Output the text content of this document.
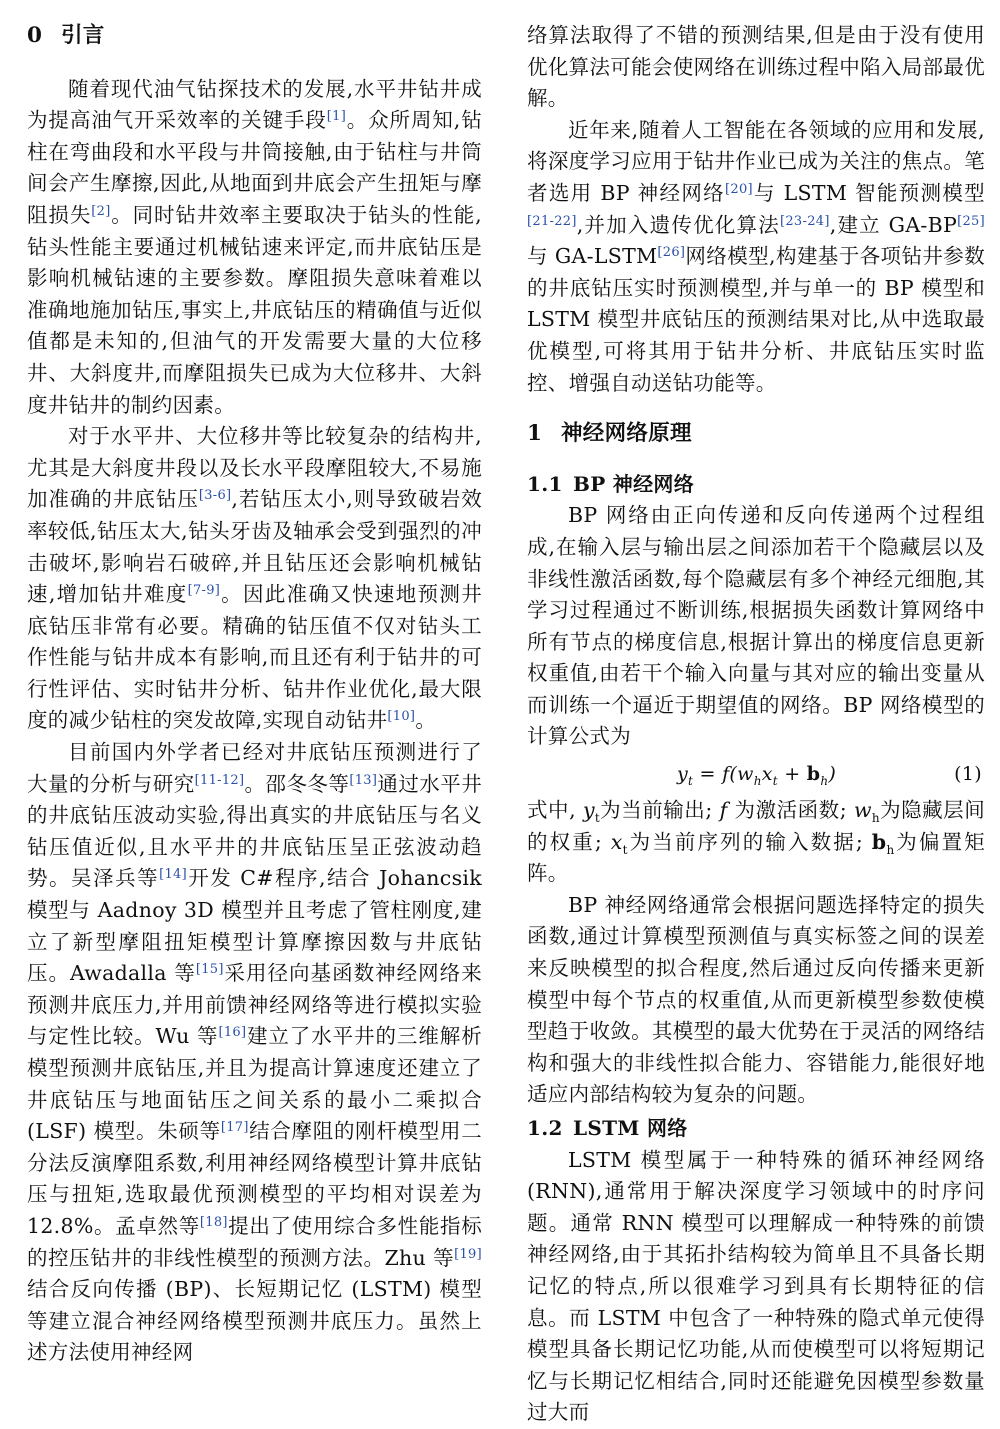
0 引言

随着现代油气钻探技术的发展,水平井钻井成为提高油气开采效率的关键手段[1]。众所周知,钻柱在弯曲段和水平段与井筒接触,由于钻柱与井筒间会产生摩擦,因此,从地面到井底会产生扭矩与摩阻损失[2]。同时钻井效率主要取决于钻头的性能,钻头性能主要通过机械钻速来评定,而井底钻压是影响机械钻速的主要参数。摩阻损失意味着难以准确地施加钻压,事实上,井底钻压的精确值与近似值都是未知的,但油气的开发需要大量的大位移井、大斜度井,而摩阻损失已成为大位移井、大斜度井钻井的制约因素。

对于水平井、大位移井等比较复杂的结构井,尤其是大斜度井段以及长水平段摩阻较大,不易施加准确的井底钻压[3-6],若钻压太小,则导致破岩效率较低,钻压太大,钻头牙齿及轴承会受到强烈的冲击破坏,影响岩石破碎,并且钻压还会影响机械钻速,增加钻井难度[7-9]。因此准确又快速地预测井底钻压非常有必要。精确的钻压值不仅对钻头工作性能与钻井成本有影响,而且还有利于钻井的可行性评估、实时钻井分析、钻井作业优化,最大限度的减少钻柱的突发故障,实现自动钻井[10]。

目前国内外学者已经对井底钻压预测进行了大量的分析与研究[11-12]。邵冬冬等[13]通过水平井的井底钻压波动实验,得出真实的井底钻压与名义钻压值近似,且水平井的井底钻压呈正弦波动趋势。吴泽兵等[14]开发 C#程序,结合 Johancsik 模型与 Aadnoy 3D 模型并且考虑了管柱刚度,建立了新型摩阻扭矩模型计算摩擦因数与井底钻压。Awadalla 等[15]采用径向基函数神经网络来预测井底压力,并用前馈神经网络等进行模拟实验与定性比较。Wu 等[16]建立了水平井的三维解析模型预测井底钻压,并且为提高计算速度还建立了井底钻压与地面钻压之间关系的最小二乘拟合 (LSF) 模型。朱硕等[17]结合摩阻的刚杆模型用二分法反演摩阻系数,利用神经网络模型计算井底钻压与扭矩,选取最优预测模型的平均相对误差为 12.8%。孟卓然等[18]提出了使用综合多性能指标的控压钻井的非线性模型的预测方法。Zhu 等[19]结合反向传播 (BP)、长短期记忆 (LSTM) 模型等建立混合神经网络模型预测井底压力。虽然上述方法使用神经网

络算法取得了不错的预测结果,但是由于没有使用优化算法可能会使网络在训练过程中陷入局部最优解。

近年来,随着人工智能在各领域的应用和发展,将深度学习应用于钻井作业已成为关注的焦点。笔者选用 BP 神经网络[20]与 LSTM 智能预测模型[21-22],并加入遗传优化算法[23-24],建立 GA-BP[25]与 GA-LSTM[26]网络模型,构建基于各项钻井参数的井底钻压实时预测模型,并与单一的 BP 模型和 LSTM 模型井底钻压的预测结果对比,从中选取最优模型,可将其用于钻井分析、井底钻压实时监控、增强自动送钻功能等。

1 神经网络原理
1.1 BP 神经网络

BP 网络由正向传递和反向传递两个过程组成,在输入层与输出层之间添加若干个隐藏层以及非线性激活函数,每个隐藏层有多个神经元细胞,其学习过程通过不断训练,根据损失函数计算网络中所有节点的梯度信息,根据计算出的梯度信息更新权重值,由若干个输入向量与其对应的输出变量从而训练一个逼近于期望值的网络。BP 网络模型的计算公式为

$y_t = f(w_hx_t + b_h)$	(1)

式中, $y_t$为当前输出; f 为激活函数; $w_h$为隐藏层间的权重; $x_t$为当前序列的输入数据; $b_h$为偏置矩阵。

BP 神经网络通常会根据问题选择特定的损失函数,通过计算模型预测值与真实标签之间的误差来反映模型的拟合程度,然后通过反向传播来更新模型中每个节点的权重值,从而更新模型参数使模型趋于收敛。其模型的最大优势在于灵活的网络结构和强大的非线性拟合能力、容错能力,能很好地适应内部结构较为复杂的问题。

1.2 LSTM 网络

LSTM 模型属于一种特殊的循环神经网络 (RNN),通常用于解决深度学习领域中的时序问题。通常 RNN 模型可以理解成一种特殊的前馈神经网络,由于其拓扑结构较为简单且不具备长期记忆的特点,所以很难学习到具有长期特征的信息。而 LSTM 中包含了一种特殊的隐式单元使得模型具备长期记忆功能,从而使模型可以将短期记忆与长期记忆相结合,同时还能避免因模型参数量过大而
